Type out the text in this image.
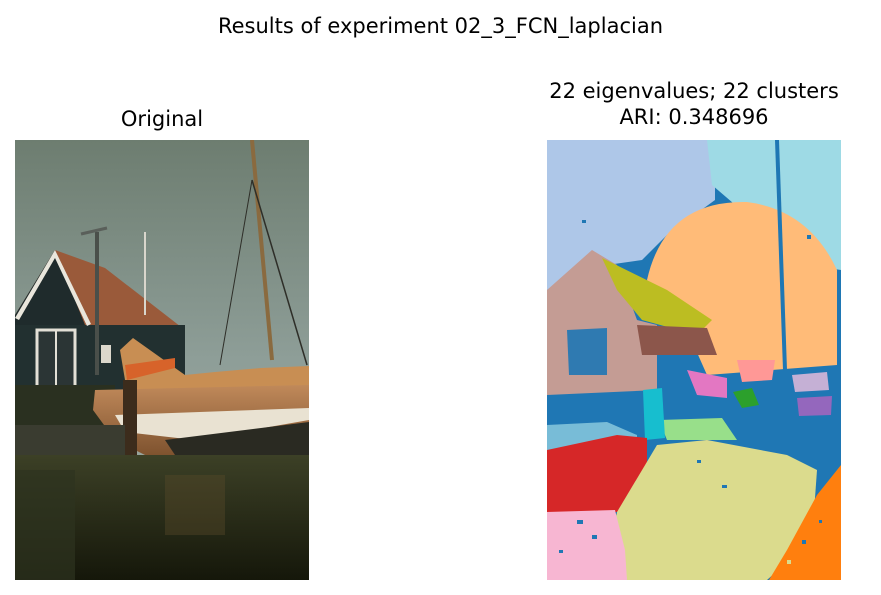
Results of experiment 02_3_FCN_laplacian
Original
22 eigenvalues; 22 clusters
ARI: 0.348696
